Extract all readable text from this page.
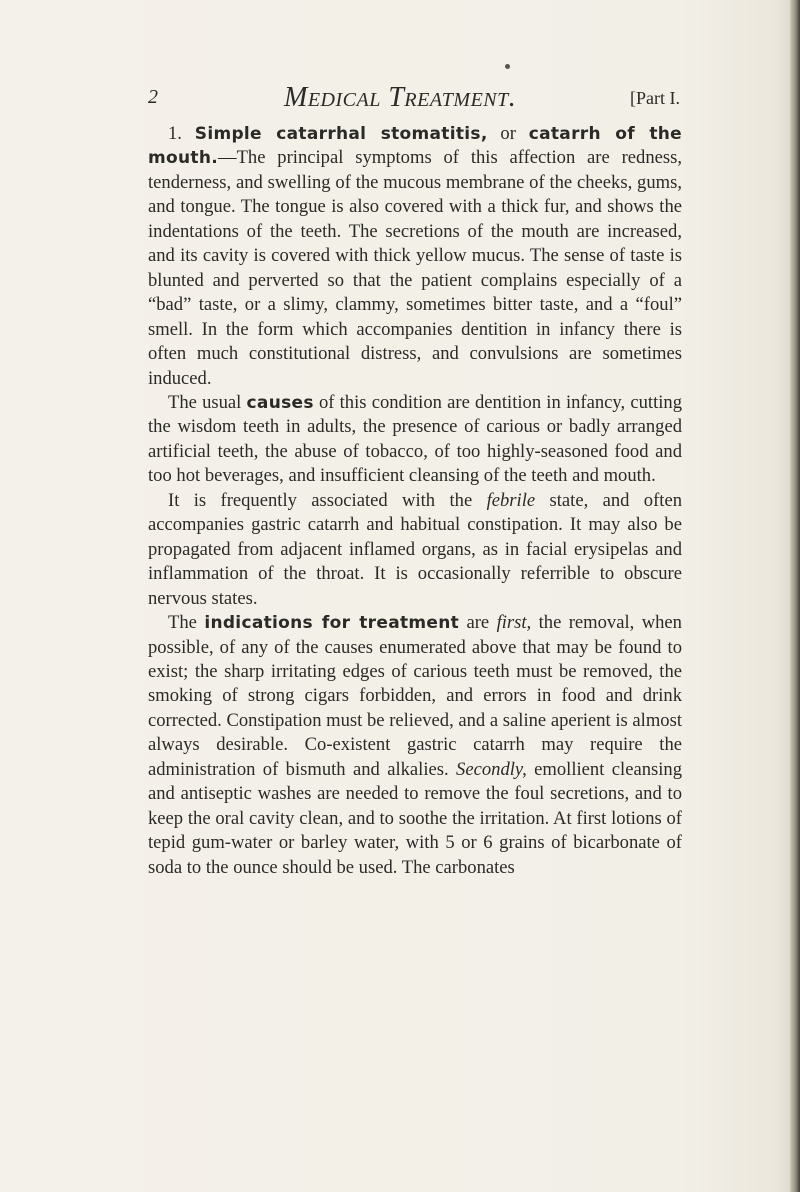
2	Medical Treatment.	[Part I.

1. Simple catarrhal stomatitis, or catarrh of the mouth.—The principal symptoms of this affection are redness, tenderness, and swelling of the mucous membrane of the cheeks, gums, and tongue. The tongue is also covered with a thick fur, and shows the indentations of the teeth. The secretions of the mouth are increased, and its cavity is covered with thick yellow mucus. The sense of taste is blunted and perverted so that the patient complains especially of a “bad” taste, or a slimy, clammy, sometimes bitter taste, and a “foul” smell. In the form which accompanies dentition in infancy there is often much constitutional distress, and convulsions are sometimes induced.

The usual causes of this condition are dentition in infancy, cutting the wisdom teeth in adults, the presence of carious or badly arranged artificial teeth, the abuse of tobacco, of too highly-seasoned food and too hot beverages, and insufficient cleansing of the teeth and mouth.

It is frequently associated with the febrile state, and often accompanies gastric catarrh and habitual constipation. It may also be propagated from adjacent inflamed organs, as in facial erysipelas and inflammation of the throat. It is occasionally referrible to obscure nervous states.

The indications for treatment are first, the removal, when possible, of any of the causes enumerated above that may be found to exist; the sharp irritating edges of carious teeth must be removed, the smoking of strong cigars forbidden, and errors in food and drink corrected. Constipation must be relieved, and a saline aperient is almost always desirable. Co-existent gastric catarrh may require the administration of bismuth and alkalies. Secondly, emollient cleansing and antiseptic washes are needed to remove the foul secretions, and to keep the oral cavity clean, and to soothe the irritation. At first lotions of tepid gum-water or barley water, with 5 or 6 grains of bicarbonate of soda to the ounce should be used. The carbonates
